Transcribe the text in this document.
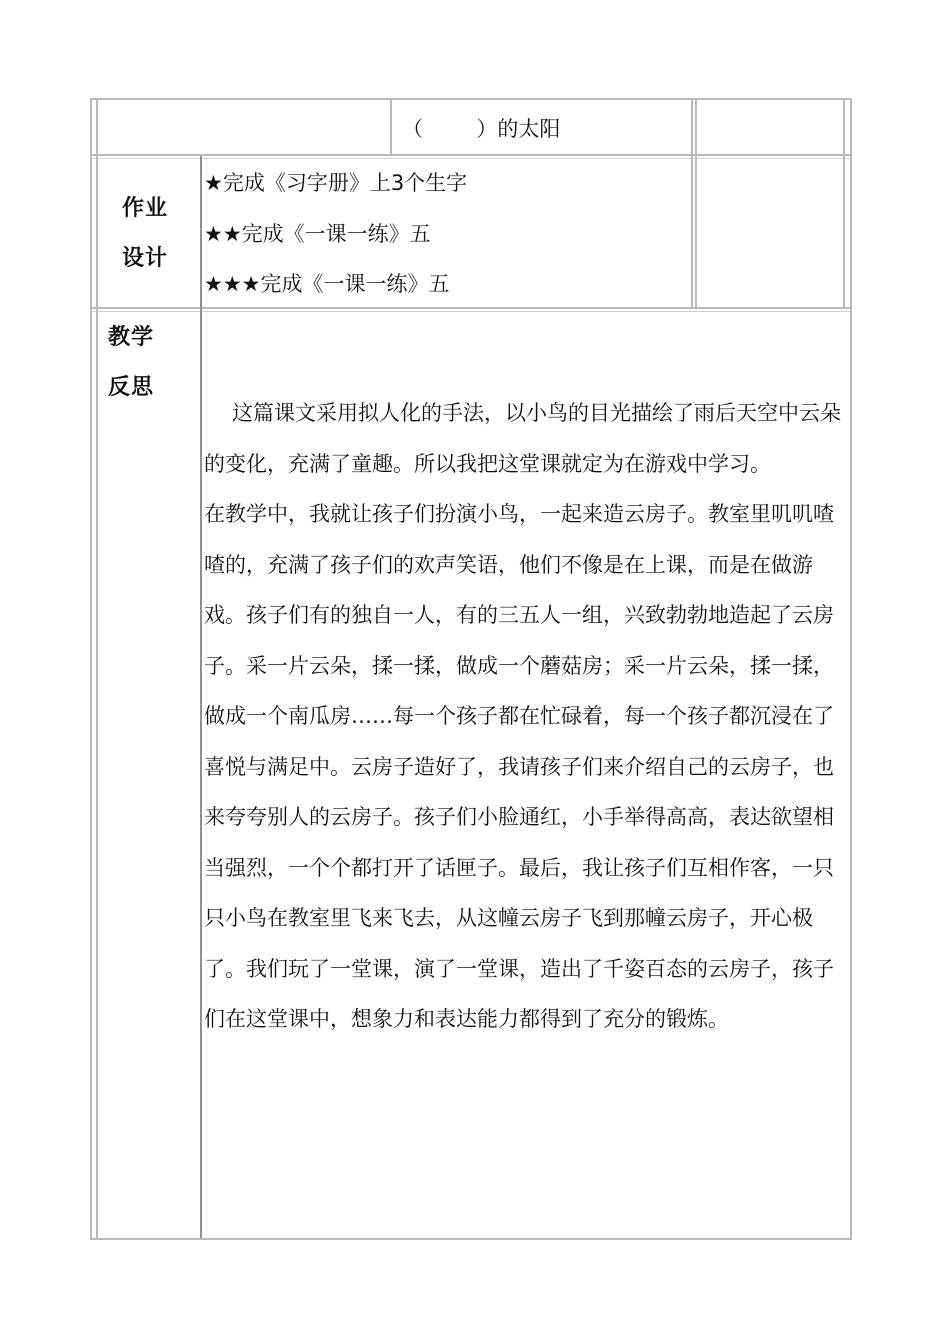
（        ）的太阳
作业
设计
★完成《习字册》上3个生字
★★完成《一课一练》五
★★★完成《一课一练》五
教学
反思

这篇课文采用拟人化的手法，以小鸟的目光描绘了雨后天空中云朵的变化，充满了童趣。所以我把这堂课就定为在游戏中学习。

在教学中，我就让孩子们扮演小鸟，一起来造云房子。教室里叽叽喳喳的，充满了孩子们的欢声笑语，他们不像是在上课，而是在做游戏。孩子们有的独自一人，有的三五人一组，兴致勃勃地造起了云房子。采一片云朵，揉一揉，做成一个蘑菇房；采一片云朵，揉一揉，做成一个南瓜房……每一个孩子都在忙碌着，每一个孩子都沉浸在了喜悦与满足中。云房子造好了，我请孩子们来介绍自己的云房子，也来夸夸别人的云房子。孩子们小脸通红，小手举得高高，表达欲望相当强烈，一个个都打开了话匣子。最后，我让孩子们互相作客，一只只小鸟在教室里飞来飞去，从这幢云房子飞到那幢云房子，开心极了。我们玩了一堂课，演了一堂课，造出了千姿百态的云房子，孩子们在这堂课中，想象力和表达能力都得到了充分的锻炼。
